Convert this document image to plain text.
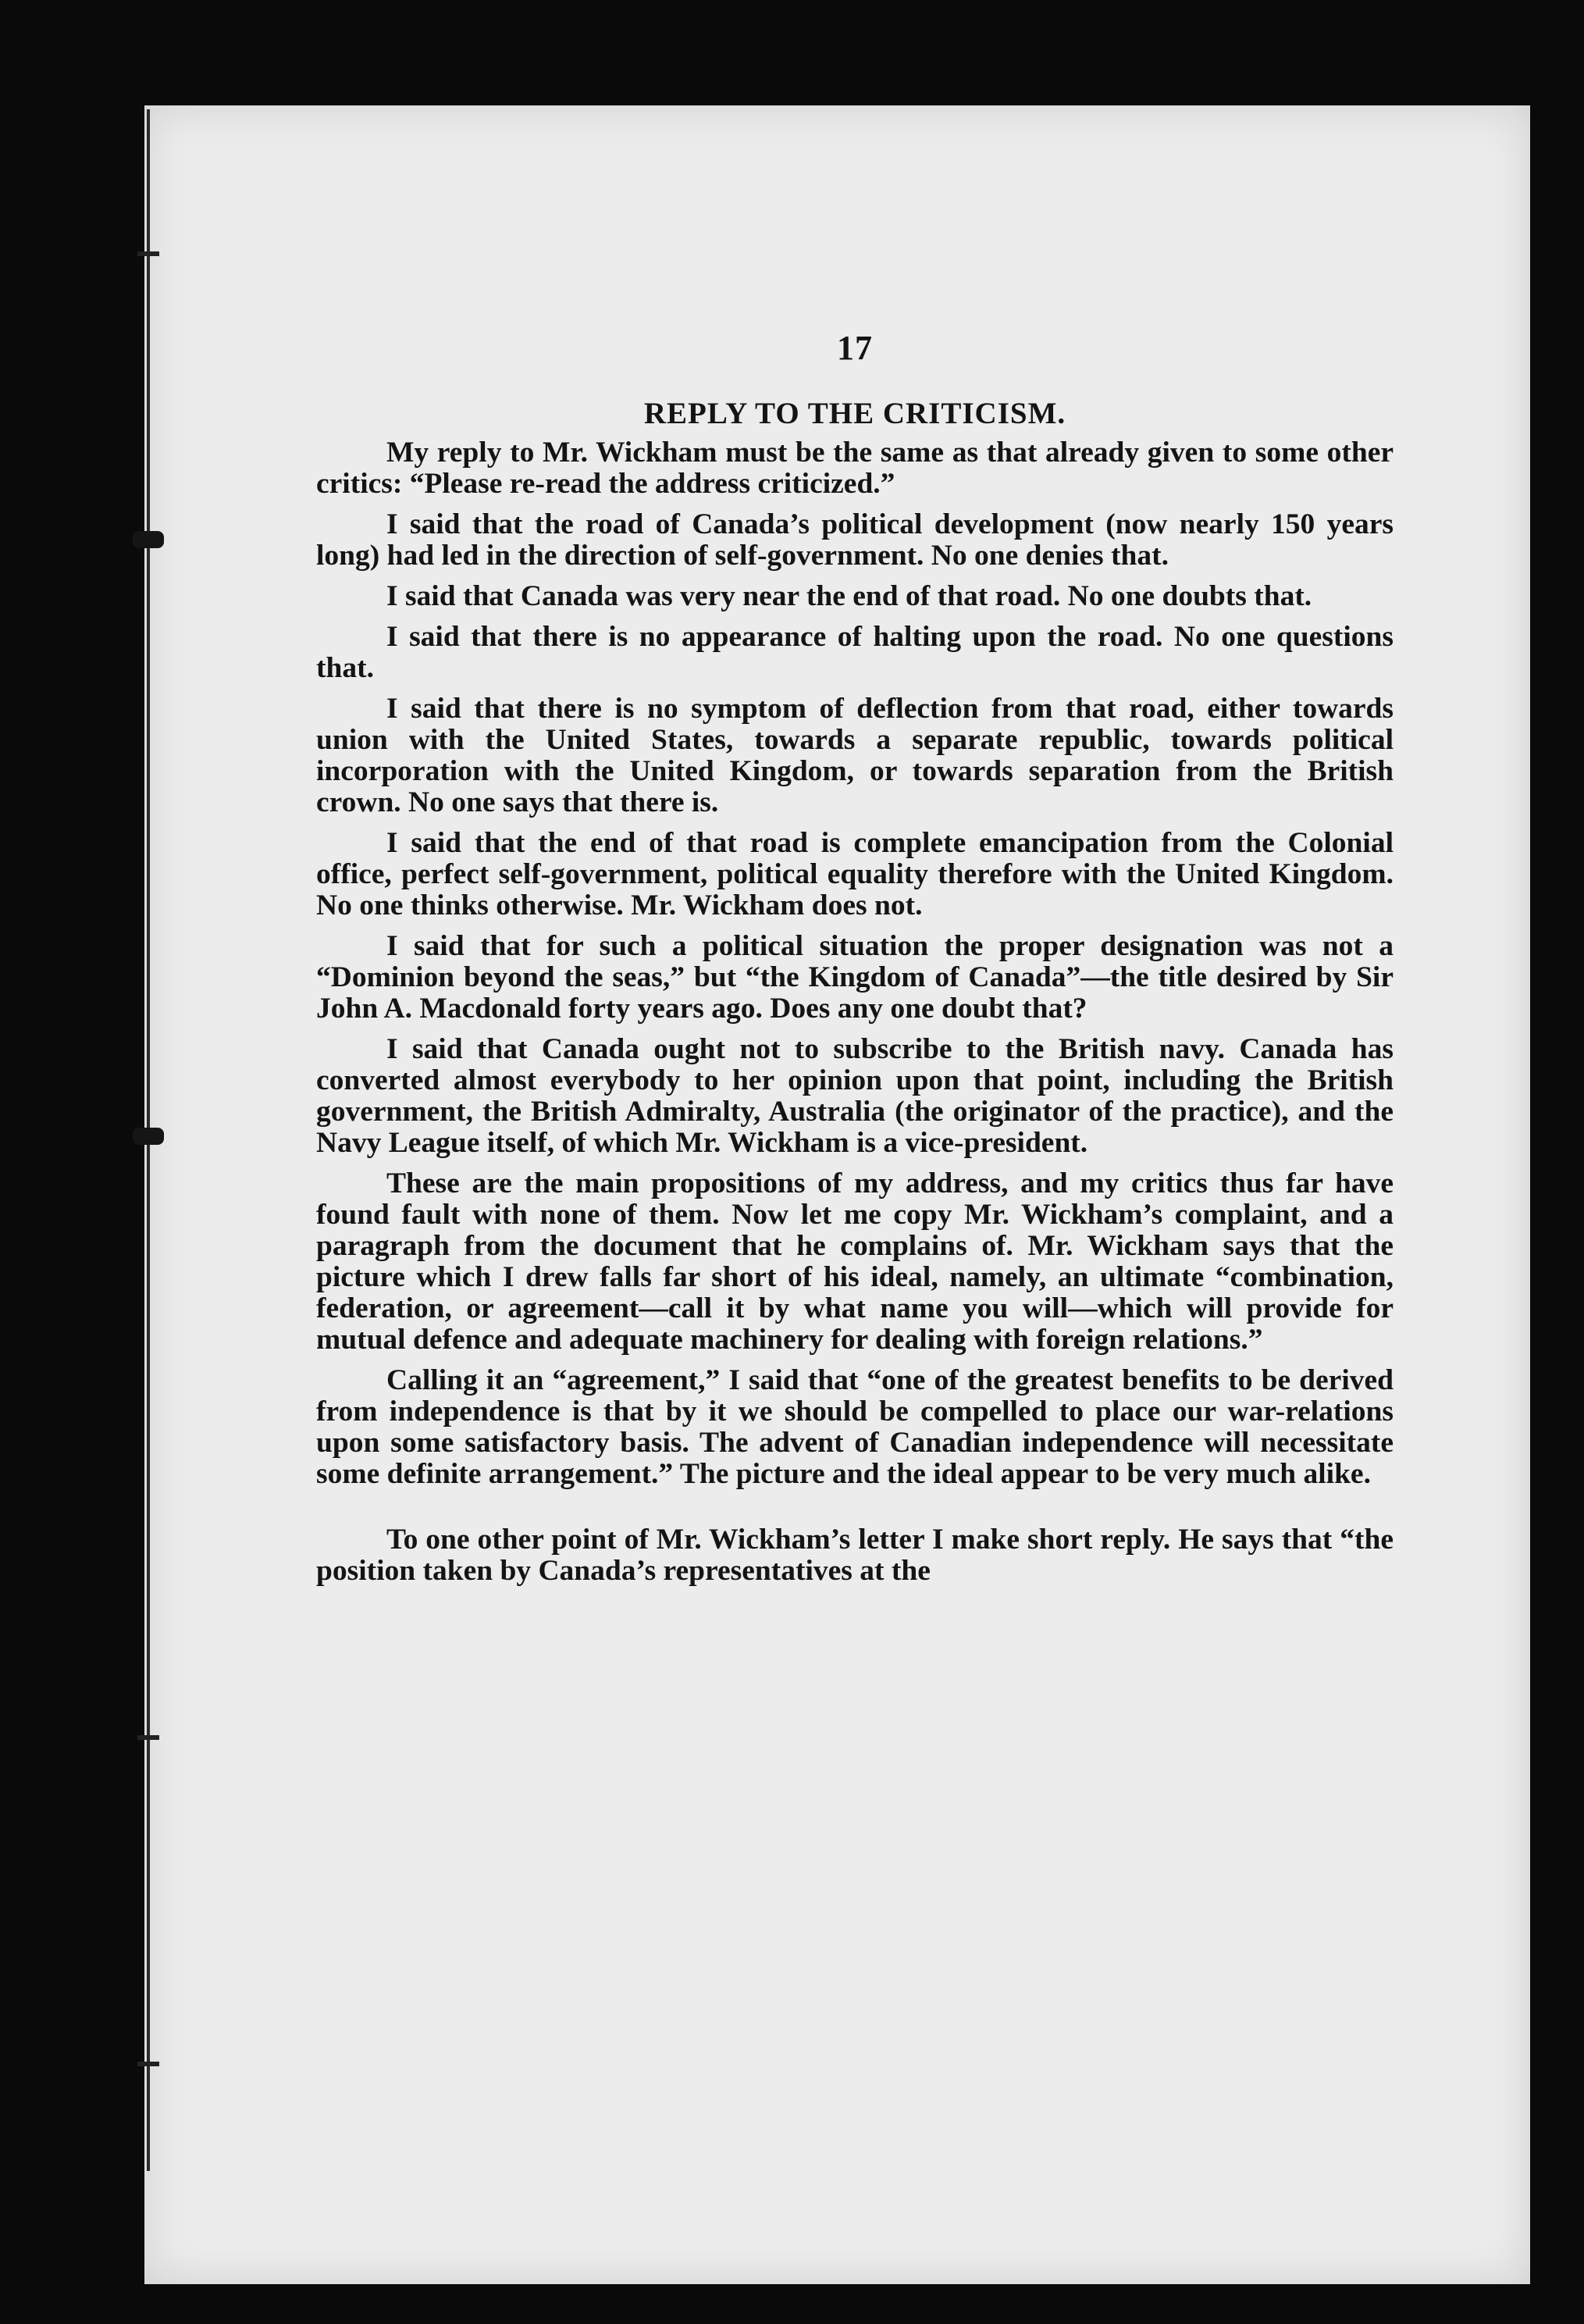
17
REPLY TO THE CRITICISM.

My reply to Mr. Wickham must be the same as that already given to some other critics: “Please re-read the address criticized.”

I said that the road of Canada’s political development (now nearly 150 years long) had led in the direction of self-government. No one denies that.

I said that Canada was very near the end of that road. No one doubts that.

I said that there is no appearance of halting upon the road. No one questions that.

I said that there is no symptom of deflection from that road, either towards union with the United States, towards a separate republic, towards political incorporation with the United Kingdom, or towards separation from the British crown. No one says that there is.

I said that the end of that road is complete emancipation from the Colonial office, perfect self-government, political equality therefore with the United Kingdom. No one thinks otherwise. Mr. Wickham does not.

I said that for such a political situation the proper designation was not a “Dominion beyond the seas,” but “the Kingdom of Canada”—the title desired by Sir John A. Macdonald forty years ago. Does any one doubt that?

I said that Canada ought not to subscribe to the British navy. Canada has converted almost everybody to her opinion upon that point, including the British government, the British Admiralty, Australia (the originator of the practice), and the Navy League itself, of which Mr. Wickham is a vice-president.

These are the main propositions of my address, and my critics thus far have found fault with none of them. Now let me copy Mr. Wickham’s complaint, and a paragraph from the document that he complains of. Mr. Wickham says that the picture which I drew falls far short of his ideal, namely, an ultimate “combination, federation, or agreement—call it by what name you will—which will provide for mutual defence and adequate machinery for dealing with foreign relations.”

Calling it an “agreement,” I said that “one of the greatest benefits to be derived from independence is that by it we should be compelled to place our war-relations upon some satisfactory basis. The advent of Canadian independence will necessitate some definite arrangement.” The picture and the ideal appear to be very much alike.

To one other point of Mr. Wickham’s letter I make short reply. He says that “the position taken by Canada’s representatives at the
